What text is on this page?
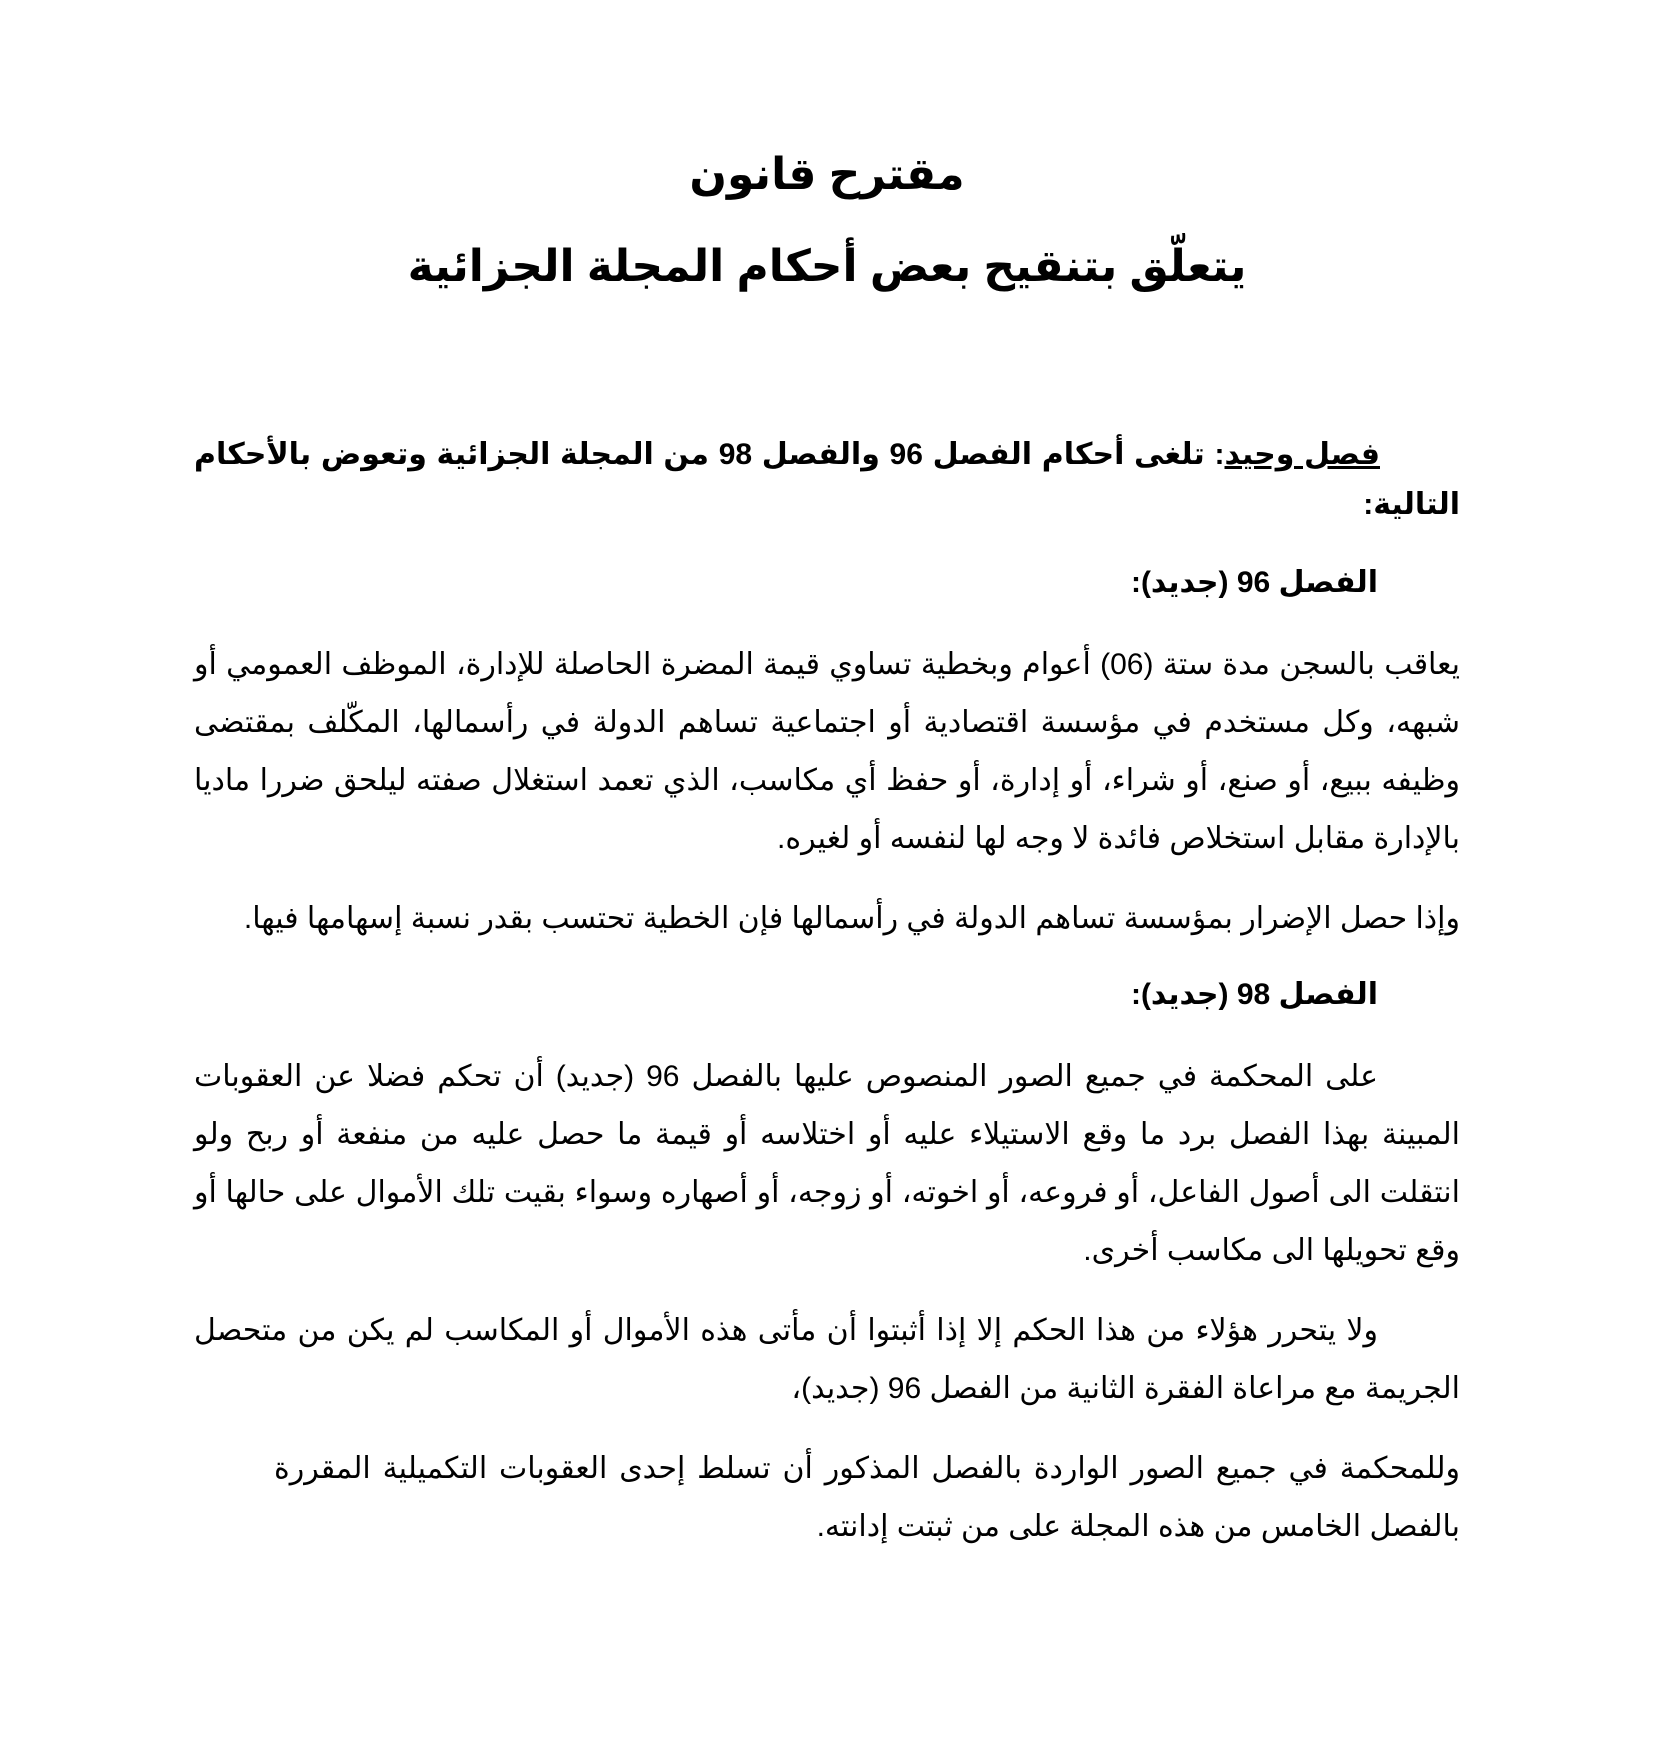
مقترح قانون

يتعلّق بتنقيح بعض أحكام المجلة الجزائية

فصل وحيد: تلغى أحكام الفصل 96 والفصل 98 من المجلة الجزائية وتعوض بالأحكام التالية:

الفصل 96 (جديد):

يعاقب بالسجن مدة ستة (06) أعوام وبخطية تساوي قيمة المضرة الحاصلة للإدارة، الموظف العمومي أو شبهه، وكل مستخدم في مؤسسة اقتصادية أو اجتماعية تساهم الدولة في رأسمالها، المكّلف بمقتضى وظيفه ببيع، أو صنع، أو شراء، أو إدارة، أو حفظ أي مكاسب، الذي تعمد استغلال صفته ليلحق ضررا ماديا بالإدارة مقابل استخلاص فائدة لا وجه لها لنفسه أو لغيره.

وإذا حصل الإضرار بمؤسسة تساهم الدولة في رأسمالها فإن الخطية تحتسب بقدر نسبة إسهامها فيها.

الفصل 98 (جديد):

على المحكمة في جميع الصور المنصوص عليها بالفصل 96 (جديد) أن تحكم فضلا عن العقوبات المبينة بهذا الفصل برد ما وقع الاستيلاء عليه أو اختلاسه أو قيمة ما حصل عليه من منفعة أو ربح ولو انتقلت الى أصول الفاعل، أو فروعه، أو اخوته، أو زوجه، أو أصهاره وسواء بقيت تلك الأموال على حالها أو وقع تحويلها الى مكاسب أخرى.

ولا يتحرر هؤلاء من هذا الحكم إلا إذا أثبتوا أن مأتى هذه الأموال أو المكاسب لم يكن من متحصل الجريمة مع مراعاة الفقرة الثانية من الفصل 96 (جديد)،

وللمحكمة في جميع الصور الواردة بالفصل المذكور أن تسلط إحدى العقوبات التكميلية المقررة بالفصل الخامس من هذه المجلة على من ثبتت إدانته.
